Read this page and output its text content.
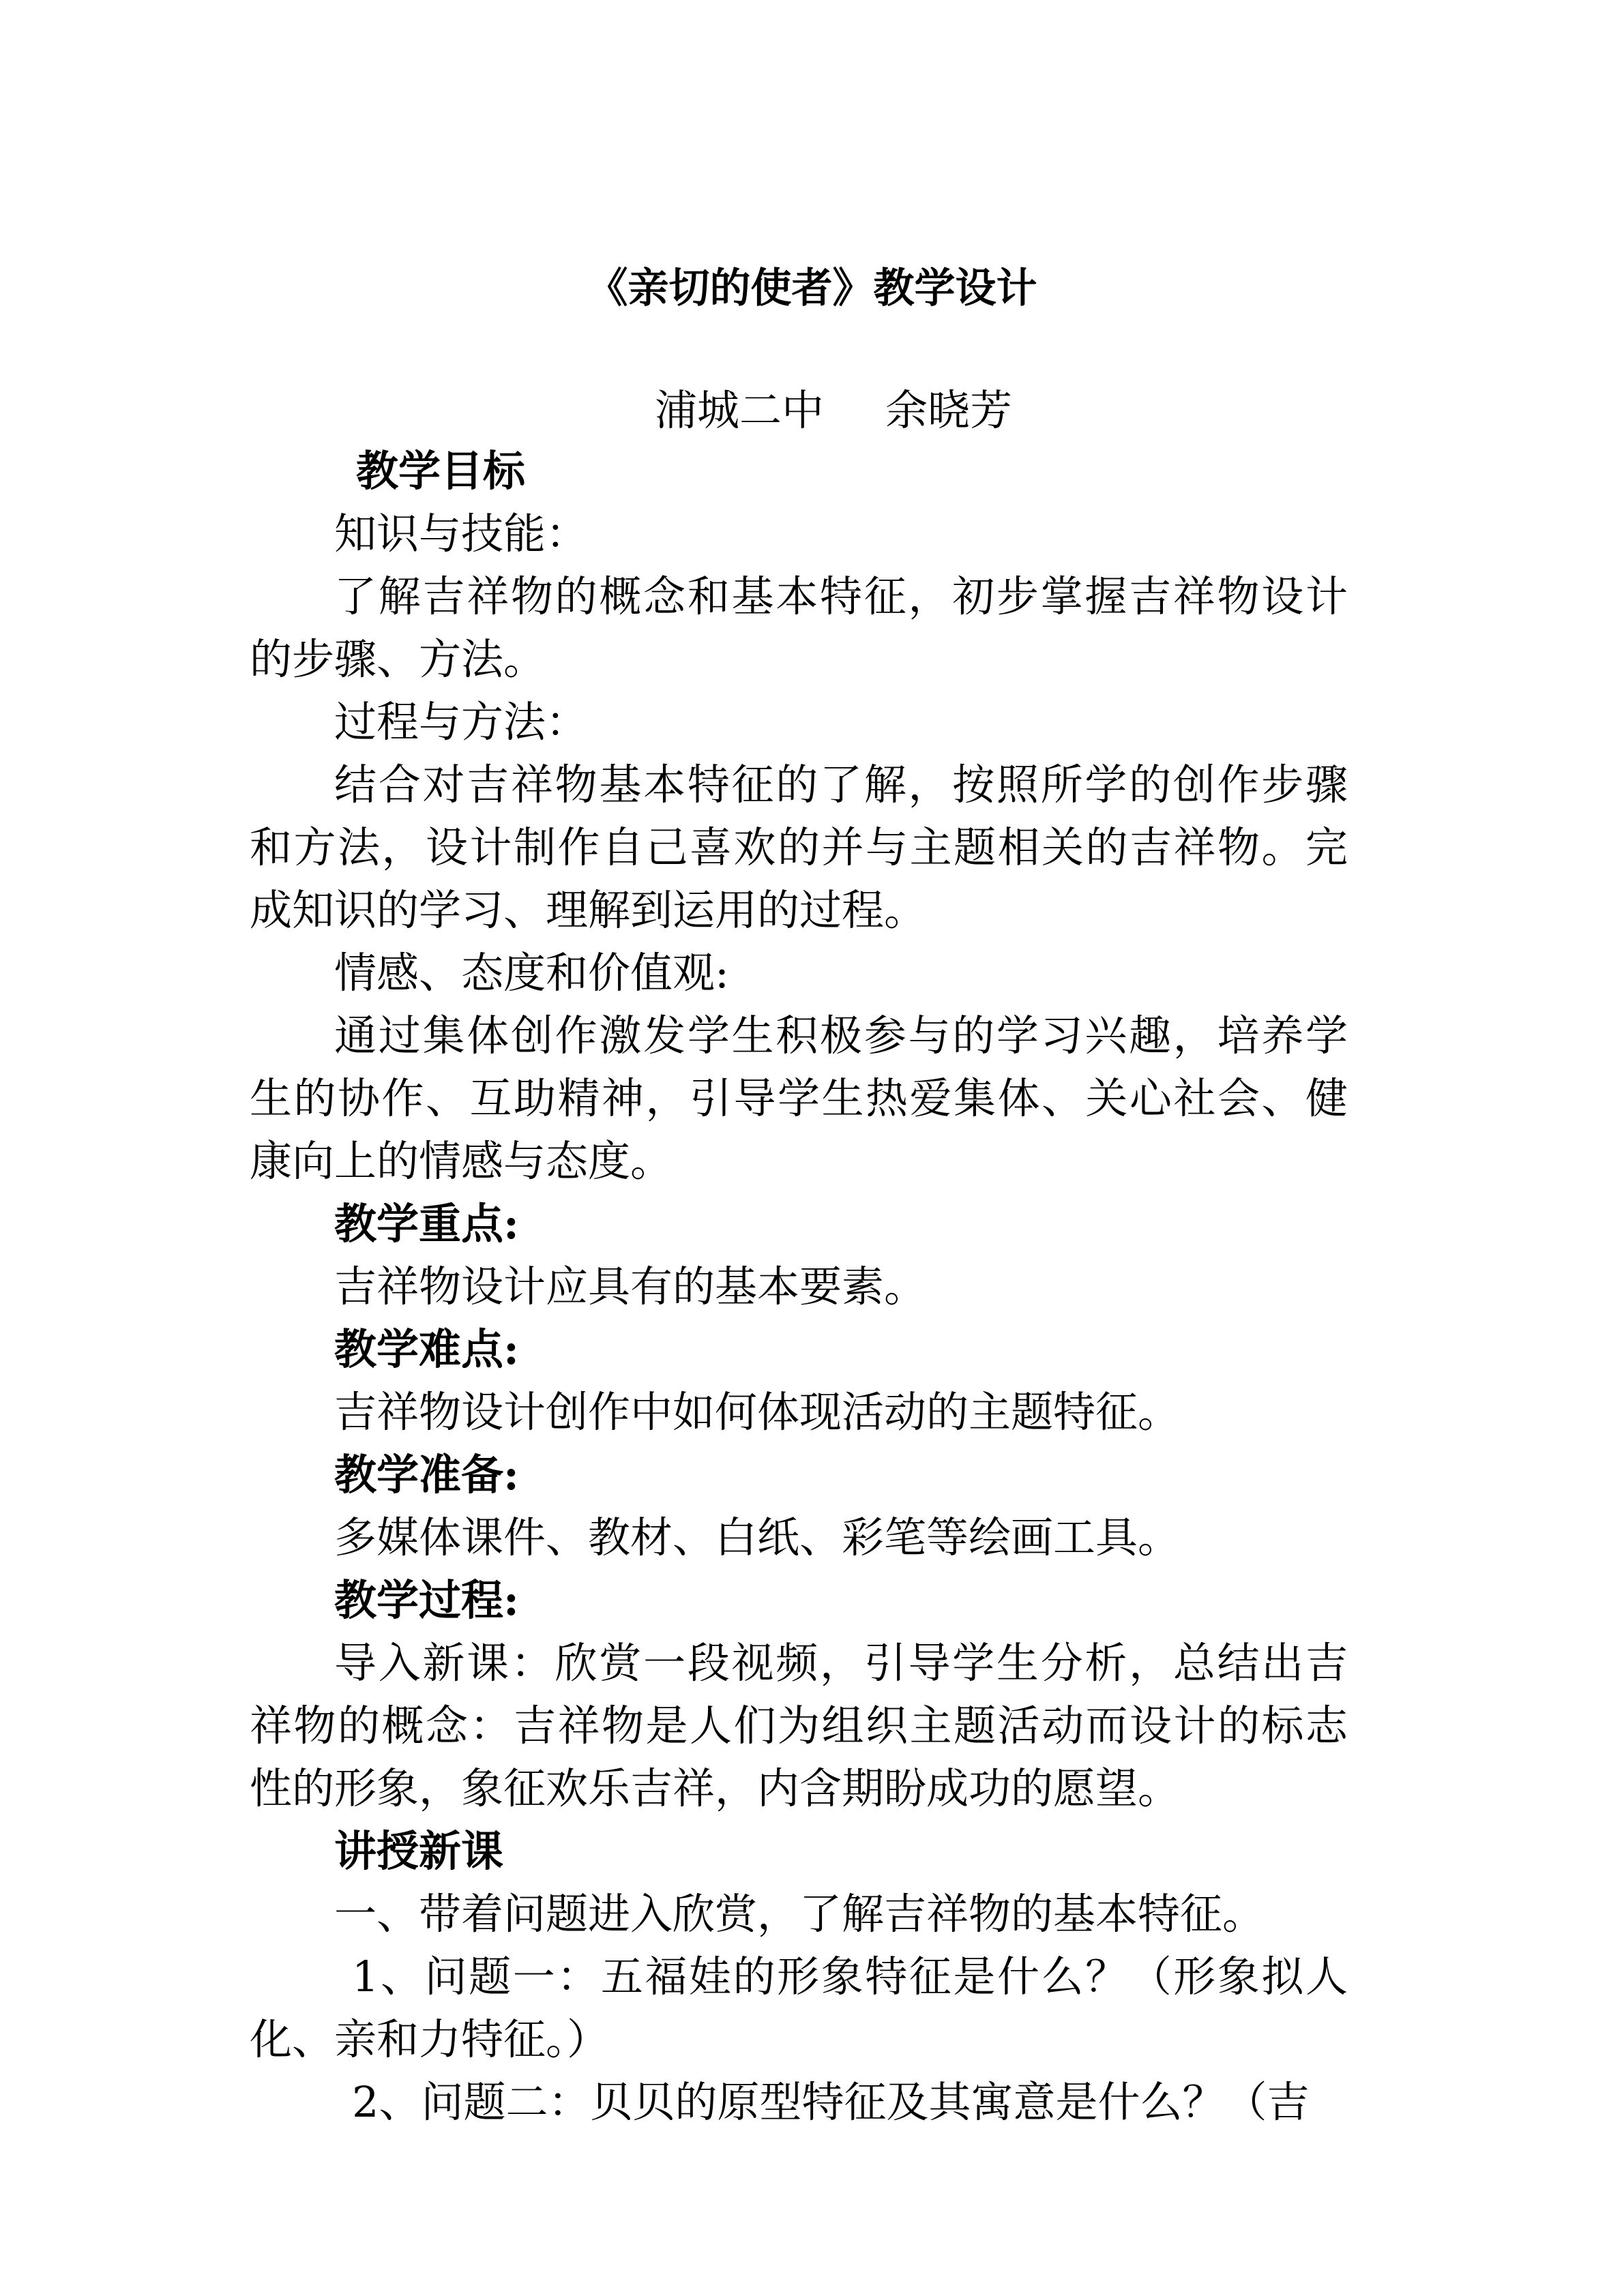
《亲切的使者》教学设计
浦城二中 余晓芳

教学目标

知识与技能：

了解吉祥物的概念和基本特征，初步掌握吉祥物设计的步骤、方法。

过程与方法：

结合对吉祥物基本特征的了解，按照所学的创作步骤和方法，设计制作自己喜欢的并与主题相关的吉祥物。完成知识的学习、理解到运用的过程。

情感、态度和价值观:

通过集体创作激发学生积极参与的学习兴趣，培养学生的协作、互助精神，引导学生热爱集体、关心社会、健康向上的情感与态度。

教学重点:

吉祥物设计应具有的基本要素。

教学难点:

吉祥物设计创作中如何体现活动的主题特征。

教学准备:

多媒体课件、教材、白纸、彩笔等绘画工具。

教学过程:

导入新课：欣赏一段视频，引导学生分析，总结出吉祥物的概念：吉祥物是人们为组织主题活动而设计的标志性的形象，象征欢乐吉祥，内含期盼成功的愿望。

讲授新课

一、带着问题进入欣赏，了解吉祥物的基本特征。

1、问题一：五福娃的形象特征是什么？（形象拟人化、亲和力特征。）

2、问题二：贝贝的原型特征及其寓意是什么？（吉
